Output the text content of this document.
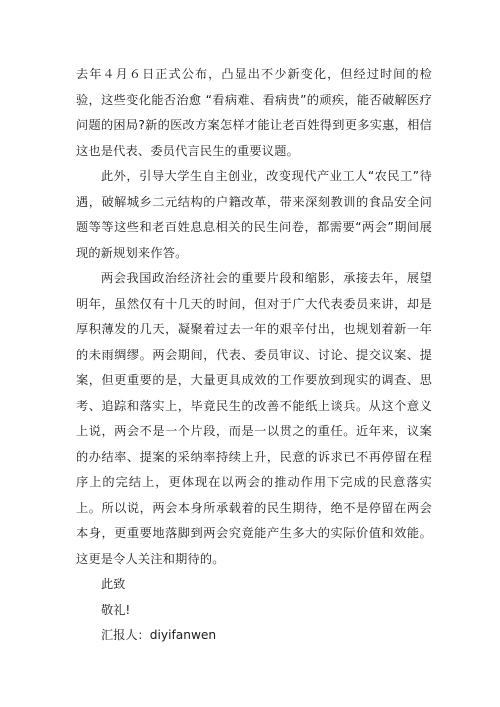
去年４月６日正式公布，凸显出不少新变化，但经过时间的检验，这些变化能否治愈 “看病难、看病贵”的顽疾，能否破解医疗问题的困局?新的医改方案怎样才能让老百姓得到更多实惠，相信这也是代表、委员代言民生的重要议题。

此外，引导大学生自主创业，改变现代产业工人“农民工”待遇，破解城乡二元结构的户籍改革，带来深刻教训的食品安全问题等等这些和老百姓息息相关的民生问卷，都需要“两会”期间展现的新规划来作答。

两会我国政治经济社会的重要片段和缩影，承接去年，展望明年，虽然仅有十几天的时间，但对于广大代表委员来讲，却是厚积薄发的几天，凝聚着过去一年的艰辛付出，也规划着新一年的未雨绸缪。两会期间，代表、委员审议、讨论、提交议案、提案，但更重要的是，大量更具成效的工作要放到现实的调查、思考、追踪和落实上，毕竟民生的改善不能纸上谈兵。从这个意义上说，两会不是一个片段，而是一以贯之的重任。近年来，议案的办结率、提案的采纳率持续上升，民意的诉求已不再停留在程序上的完结上，更体现在以两会的推动作用下完成的民意落实上。所以说，两会本身所承载着的民生期待，绝不是停留在两会本身，更重要地落脚到两会究竟能产生多大的实际价值和效能。这更是令人关注和期待的。

此致

敬礼!

汇报人：diyifanwen
